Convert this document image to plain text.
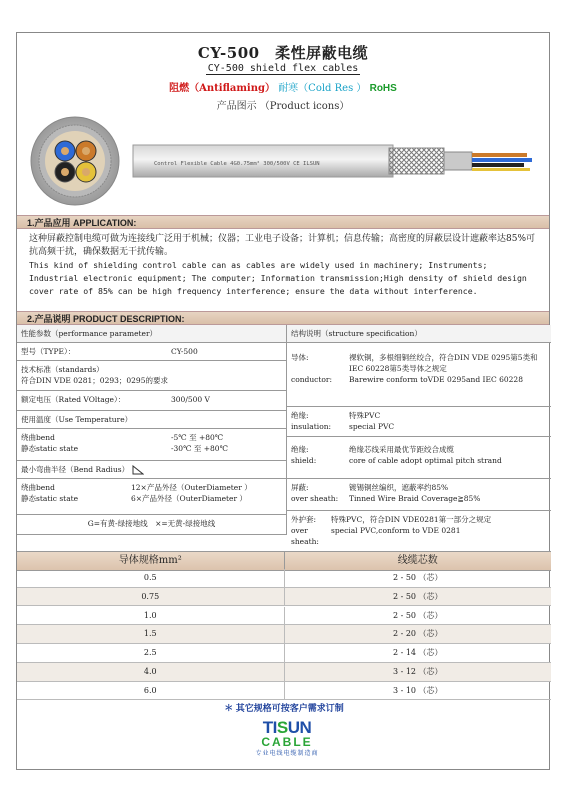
CY-500　柔性屏蔽电缆
CY-500 shield flex cables
阻燃（Antiflaming） 耐寒（Cold Res ） RoHS
产品图示 （Product icons）
Control Flexible Cable 4G0.75mm² 300/500V CE ILSUN
1.产品应用 APPLICATION:
这种屏蔽控制电缆可做为连接线广泛用于机械；仪器；工业电子设备；计算机；信息传输；高密度的屏蔽层设计遮蔽率达85%可抗高频干扰，确保数据无干扰传输。
This kind of shielding control cable can as cables are widely used in machinery; Instruments; Industrial electronic equipment; The computer; Information transmission;High density of shield design cover rate of 85% can be high frequency interference; ensure the data without interference.
2.产品说明 PRODUCT DESCRIPTION:
性能参数（performance parameter）
型号（TYPE）：	CY-500
技术标准（standards）
符合DIN VDE 0281；0293；0295的要求
额定电压（Rated VOltage）：	300/500 V
使用温度（Use Temperature）
绕曲bend	-5℃ 至 +80℃
静态static state	-30℃ 至 +80℃
最小弯曲半径（Bend Radius）
绕曲bend	12×产品外径（OuterDiameter ）
静态static state	6×产品外径（OuterDiameter ）
G=有黄-绿接地线　×=无黄-绿接地线
结构说明（structure specification）
导体:	裸软铜，多根细铜丝绞合，符合DIN VDE 0295第5类和IEC 60228第5类导体之规定
conductor: Barewire conform toVDE 0295and IEC 60228
绝缘:	特殊PVC
insulation: special PVC
绝缘:	绝缘芯线采用最优节距绞合成缆
shield:	core of cable adopt optimal pitch strand
屏蔽:	镀锡铜丝编织，遮蔽率约85%
over sheath: Tinned Wire Braid Coverage≧85%
外护套: 特殊PVC，符合DIN VDE0281第一部分之规定
over sheath:special PVC,conform to VDE 0281
导体规格mm²	线缆芯数
0.5	2 - 50 （芯）
0.75	2 - 50 （芯）
1.0	2 - 50 （芯）
1.5	2 - 20 （芯）
2.5	2 - 14 （芯）
4.0	3 - 12 （芯）
6.0	3 - 10 （芯）
＊ 其它规格可按客户需求订制
TISUN
CABLE
专业电线电缆制造商
